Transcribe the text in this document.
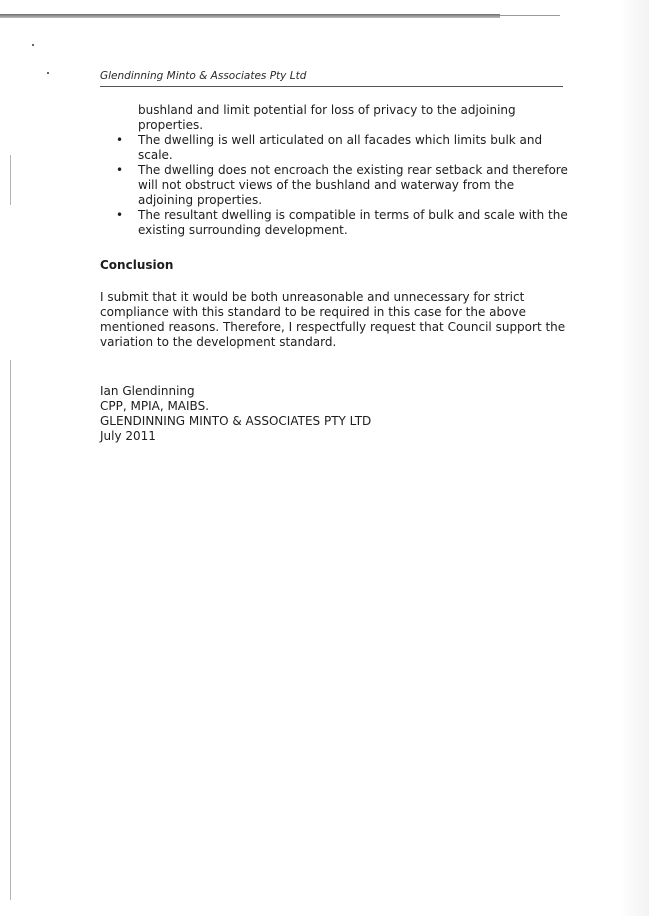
Glendinning Minto & Associates Pty Ltd

bushland and limit potential for loss of privacy to the adjoining properties.

• The dwelling is well articulated on all facades which limits bulk and scale.
• The dwelling does not encroach the existing rear setback and therefore will not obstruct views of the bushland and waterway from the adjoining properties.
• The resultant dwelling is compatible in terms of bulk and scale with the existing surrounding development.

Conclusion

I submit that it would be both unreasonable and unnecessary for strict compliance with this standard to be required in this case for the above mentioned reasons. Therefore, I respectfully request that Council support the variation to the development standard.

Ian Glendinning
CPP, MPIA, MAIBS.
GLENDINNING MINTO & ASSOCIATES PTY LTD
July 2011
